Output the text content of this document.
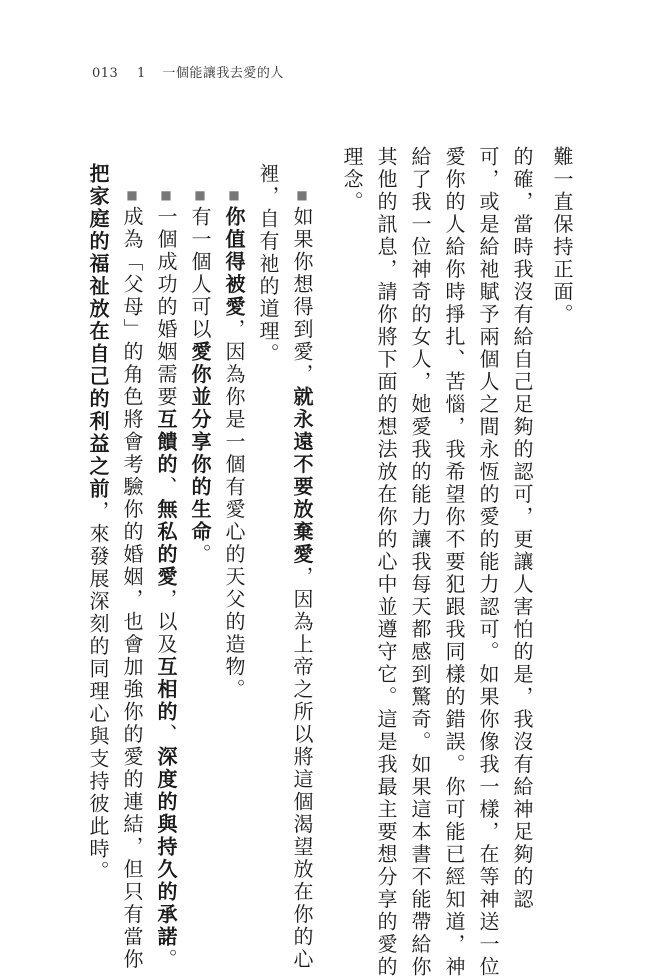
013 1 一個能讓我去愛的人
難一直保持正面。
的確，當時我沒有給自己足夠的認可，更讓人害怕的是，我沒有給神足夠的認
可，或是給祂賦予兩個人之間永恆的愛的能力認可。如果你像我一樣，在等神送一位
愛你的人給你時掙扎、苦惱，我希望你不要犯跟我同樣的錯誤。你可能已經知道，神
給了我一位神奇的女人，她愛我的能力讓我每天都感到驚奇。如果這本書不能帶給你
其他的訊息，請你將下面的想法放在你的心中並遵守它。這是我最主要想分享的愛的
理念。
■如果你想得到愛，就永遠不要放棄愛，因為上帝之所以將這個渴望放在你的心
裡，自有祂的道理。
■你值得被愛，因為你是一個有愛心的天父的造物。
■有一個人可以愛你並分享你的生命。
■一個成功的婚姻需要互饋的、無私的愛，以及互相的、深度的與持久的承諾。
■成為「父母」的角色將會考驗你的婚姻，也會加強你的愛的連結，但只有當你
把家庭的福祉放在自己的利益之前，來發展深刻的同理心與支持彼此時。
